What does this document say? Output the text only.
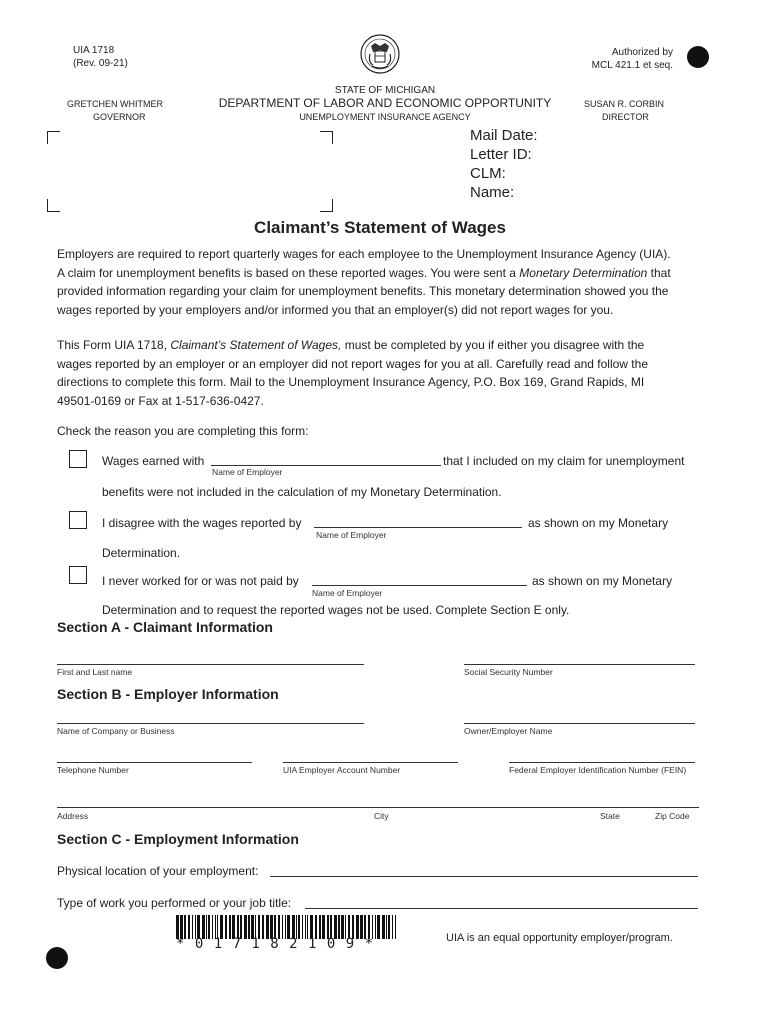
UIA 1718
(Rev. 09-21)
Authorized by
MCL 421.1 et seq.
STATE OF MICHIGAN
DEPARTMENT OF LABOR AND ECONOMIC OPPORTUNITY
UNEMPLOYMENT INSURANCE AGENCY
GRETCHEN WHITMER
GOVERNOR
SUSAN R. CORBIN
DIRECTOR
Mail Date:
Letter ID:
CLM:
Name:
Claimant’s Statement of Wages
Employers are required to report quarterly wages for each employee to the Unemployment Insurance Agency (UIA).
A claim for unemployment benefits is based on these reported wages. You were sent a Monetary Determination that
provided information regarding your claim for unemployment benefits. This monetary determination showed you the
wages reported by your employers and/or informed you that an employer(s) did not report wages for you.
This Form UIA 1718, Claimant’s Statement of Wages, must be completed by you if either you disagree with the
wages reported by an employer or an employer did not report wages for you at all. Carefully read and follow the
directions to complete this form. Mail to the Unemployment Insurance Agency, P.O. Box 169, Grand Rapids, MI
49501-0169 or Fax at 1-517-636-0427.
Check the reason you are completing this form:
Wages earned with	that I included on my claim for unemployment
Name of Employer
benefits were not included in the calculation of my Monetary Determination.
I disagree with the wages reported by	as shown on my Monetary
Name of Employer
Determination.
I never worked for or was not paid by	as shown on my Monetary
Name of Employer
Determination and to request the reported wages not be used. Complete Section E only.
Section A - Claimant Information
First and Last name	Social Security Number
Section B - Employer Information
Name of Company or Business	Owner/Employer Name
Telephone Number	UIA Employer Account Number	Federal Employer Identification Number (FEIN)
Address	City	State	Zip Code
Section C - Employment Information
Physical location of your employment:
Type of work you performed or your job title:
* 0 1 7 1 8 2 1 0 9 *	UIA is an equal opportunity employer/program.
